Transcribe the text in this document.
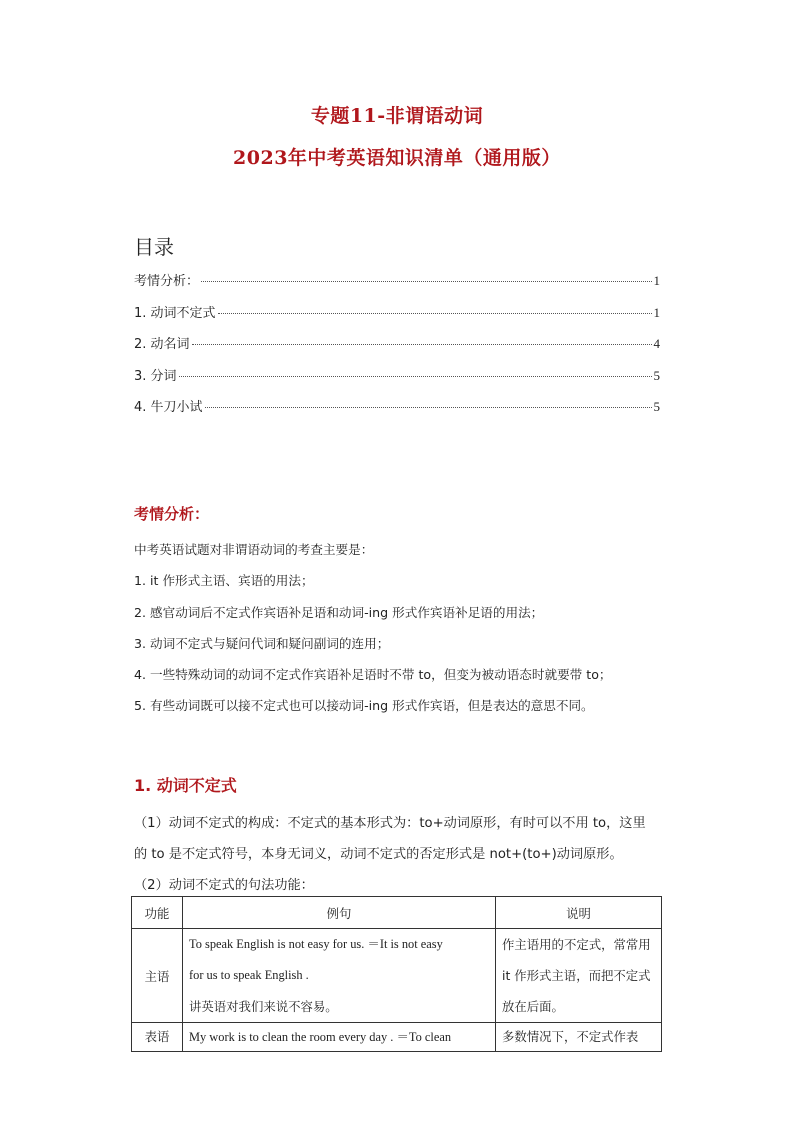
专题11-非谓语动词
2023年中考英语知识清单（通用版）
目录
考情分析：	1
1. 动词不定式	1
2. 动名词	4
3. 分词	5
4. 牛刀小试	5
考情分析：

中考英语试题对非谓语动词的考查主要是：

1. it 作形式主语、宾语的用法；

2. 感官动词后不定式作宾语补足语和动词-ing 形式作宾语补足语的用法；

3. 动词不定式与疑问代词和疑问副词的连用；

4. 一些特殊动词的动词不定式作宾语补足语时不带 to，但变为被动语态时就要带 to；

5. 有些动词既可以接不定式也可以接动词-ing 形式作宾语，但是表达的意思不同。

1. 动词不定式

（1）动词不定式的构成：不定式的基本形式为：to+动词原形，有时可以不用 to，这里

的 to 是不定式符号，本身无词义，动词不定式的否定形式是 not+(to+)动词原形。

（2）动词不定式的句法功能：

功能	例句	说明
主语	To speak English is not easy for us. ＝It is not easy
for us to speak English .
讲英语对我们来说不容易。	作主语用的不定式，常常用 it 作形式主语，而把不定式放在后面。
表语	My work is to clean the room every day . ＝To clean	多数情况下，不定式作表
